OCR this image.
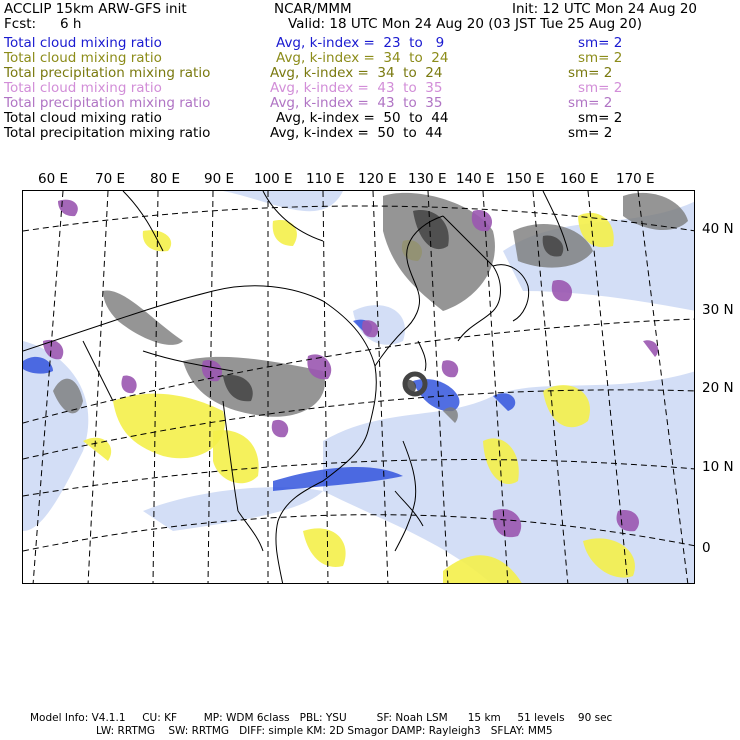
ACCLIP 15km ARW-GFS init	NCAR/MMM	Init: 12 UTC Mon 24 Aug 20
Fcst: 6 h	Valid: 18 UTC Mon 24 Aug 20 (03 JST Tue 25 Aug 20)
Total cloud mixing ratio	Avg, k-index =  23  to   9	sm= 2
Total cloud mixing ratio	Avg, k-index =  34  to  24	sm= 2
Total precipitation mixing ratio	Avg, k-index =  34  to  24	sm= 2
Total cloud mixing ratio	Avg, k-index =  43  to  35	sm= 2
Total precipitation mixing ratio	Avg, k-index =  43  to  35	sm= 2
Total cloud mixing ratio	Avg, k-index =  50  to  44	sm= 2
Total precipitation mixing ratio	Avg, k-index =  50  to  44	sm= 2
60 E 70 E 80 E 90 E 100 E 110 E 120 E 130 E 140 E 150 E 160 E 170 E
40 N
30 N
20 N
10 N
0
Model Info: V4.1.1     CU: KF        MP: WDM 6class   PBL: YSU         SF: Noah LSM      15 km     51 levels    90 sec
LW: RRTMG    SW: RRTMG   DIFF: simple KM: 2D Smagor DAMP: Rayleigh3   SFLAY: MM5
